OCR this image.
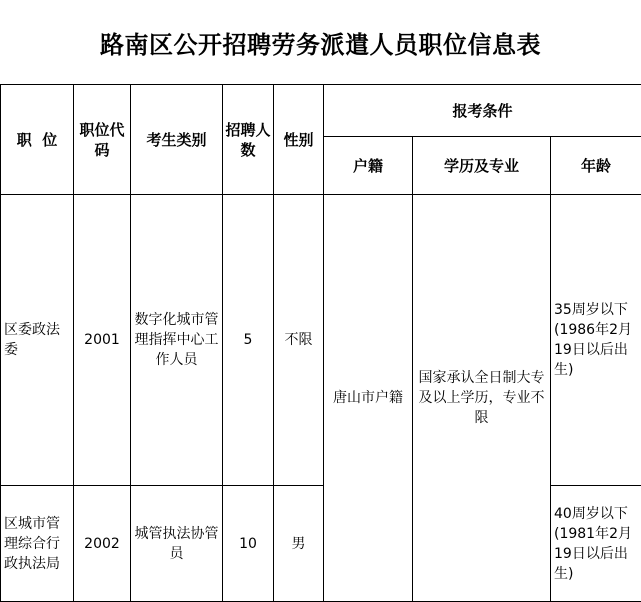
路南区公开招聘劳务派遣人员职位信息表
职  位	职位代码	考生类别	招聘人数	性别	报考条件		
					户籍	学历及专业	年龄
区委政法委	2001	数字化城市管理指挥中心工作人员	5	不限	唐山市户籍	国家承认全日制大专及以上学历，专业不限	35周岁以下(1986年2月19日以后出生)
区城市管理综合行政执法局	2002	城管执法协管员	10	男			40周岁以下(1981年2月19日以后出生)
